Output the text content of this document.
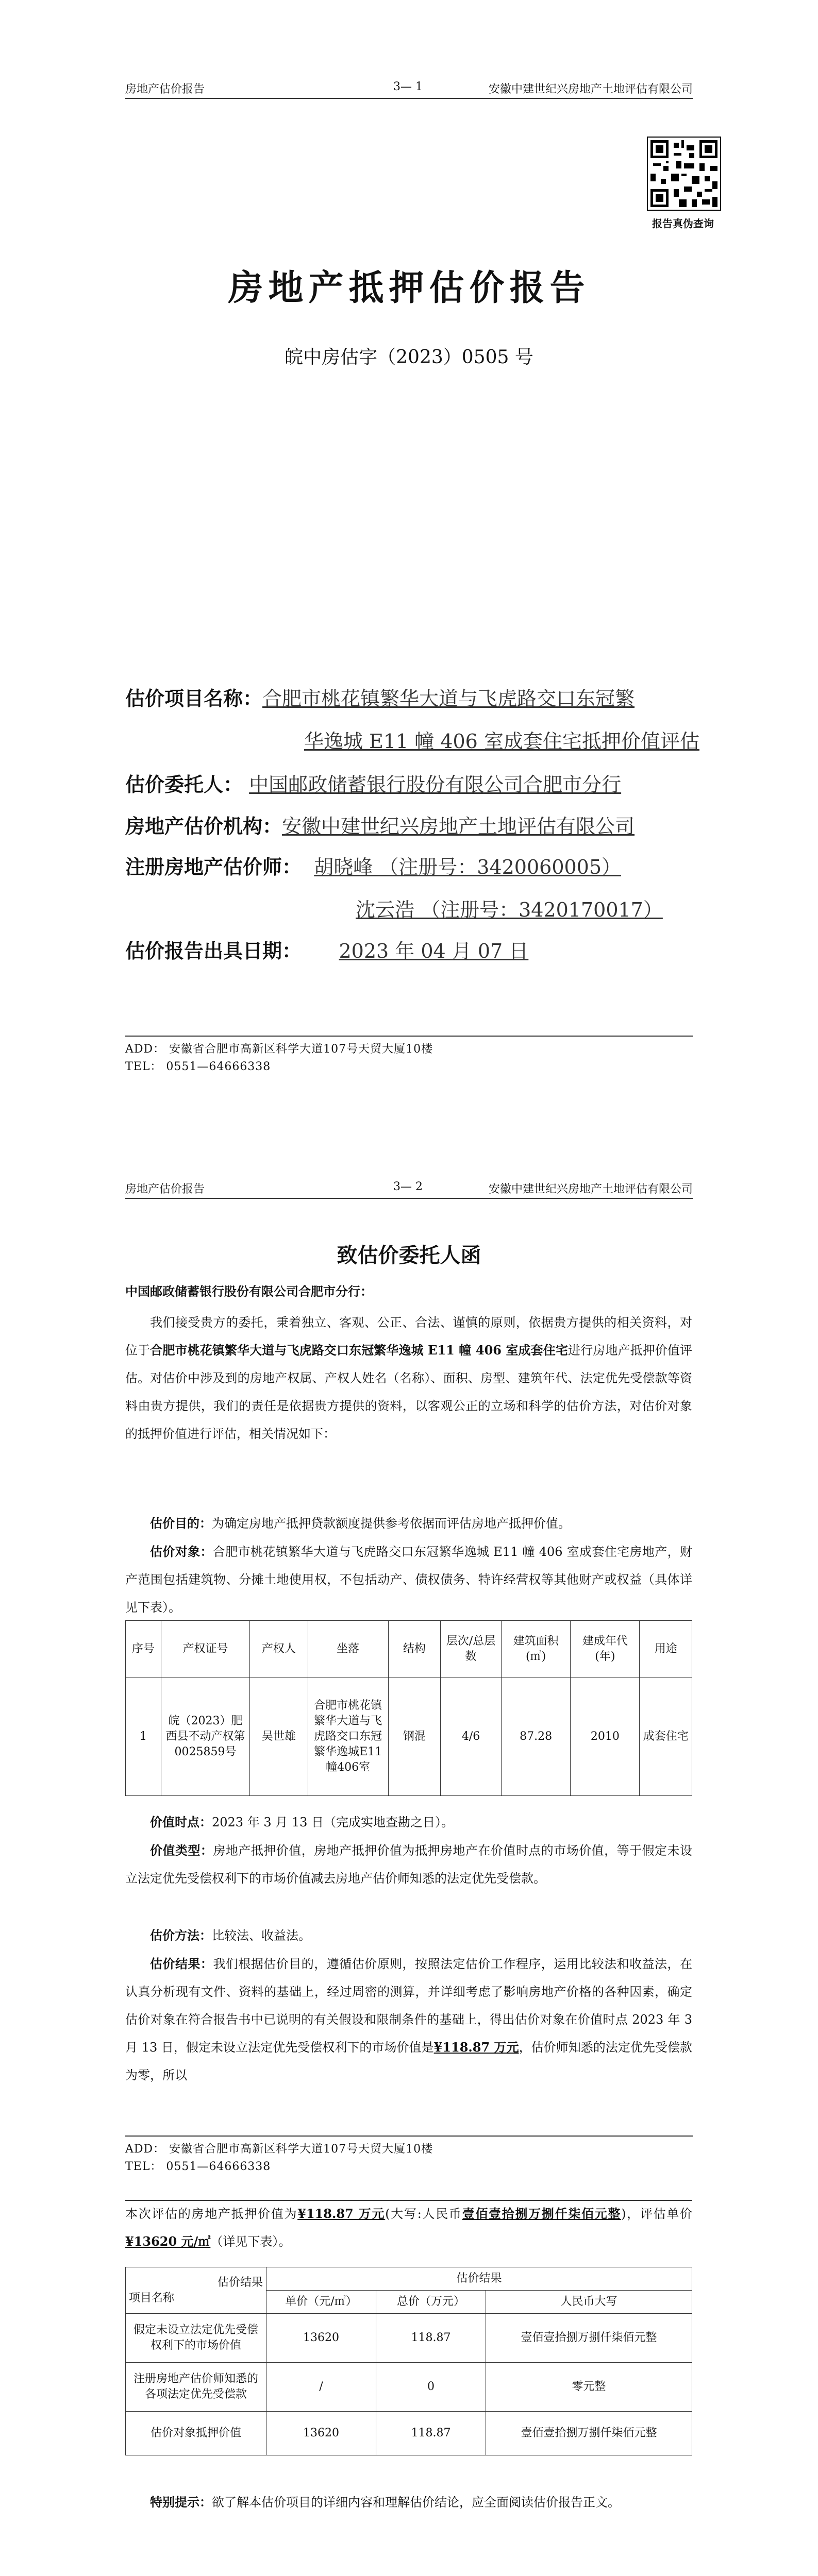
房地产估价报告	3— 1	安徽中建世纪兴房地产土地评估有限公司
报告真伪查询
房地产抵押估价报告
皖中房估字（2023）0505 号
估价项目名称：合肥市桃花镇繁华大道与飞虎路交口东冠繁
华逸城 E11 幢 406 室成套住宅抵押价值评估
估价委托人： 中国邮政储蓄银行股份有限公司合肥市分行
房地产估价机构：安徽中建世纪兴房地产土地评估有限公司
注册房地产估价师： 胡晓峰 （注册号：3420060005）
沈云浩 （注册号：3420170017）
估价报告出具日期： 2023 年 04 月 07 日
ADD： 安徽省合肥市高新区科学大道107号天贸大厦10楼
TEL： 0551—64666338
房地产估价报告	3— 2	安徽中建世纪兴房地产土地评估有限公司
致估价委托人函
中国邮政储蓄银行股份有限公司合肥市分行：
我们接受贵方的委托，秉着独立、客观、公正、合法、谨慎的原则，依据贵方提供的相关资料，对位于合肥市桃花镇繁华大道与飞虎路交口东冠繁华逸城 E11 幢 406 室成套住宅进行房地产抵押价值评估。对估价中涉及到的房地产权属、产权人姓名（名称）、面积、房型、建筑年代、法定优先受偿款等资料由贵方提供，我们的责任是依据贵方提供的资料，以客观公正的立场和科学的估价方法，对估价对象的抵押价值进行评估，相关情况如下：
估价目的：为确定房地产抵押贷款额度提供参考依据而评估房地产抵押价值。
估价对象：合肥市桃花镇繁华大道与飞虎路交口东冠繁华逸城 E11 幢 406 室成套住宅房地产，财产范围包括建筑物、分摊土地使用权，不包括动产、债权债务、特许经营权等其他财产或权益（具体详见下表）。
序号	产权证号	产权人	坐落	结构	层次/总层数	建筑面积(㎡)	建成年代(年)	用途
1	皖（2023）肥西县不动产权第0025859号	吴世雄	合肥市桃花镇繁华大道与飞虎路交口东冠繁华逸城E11幢406室	钢混	4/6	87.28	2010	成套住宅
价值时点：2023 年 3 月 13 日（完成实地查勘之日）。
价值类型：房地产抵押价值，房地产抵押价值为抵押房地产在价值时点的市场价值，等于假定未设立法定优先受偿权利下的市场价值减去房地产估价师知悉的法定优先受偿款。
估价方法：比较法、收益法。
估价结果：我们根据估价目的，遵循估价原则，按照法定估价工作程序，运用比较法和收益法，在认真分析现有文件、资料的基础上，经过周密的测算，并详细考虑了影响房地产价格的各种因素，确定估价对象在符合报告书中已说明的有关假设和限制条件的基础上，得出估价对象在价值时点 2023 年 3 月 13 日，假定未设立法定优先受偿权利下的市场价值是¥118.87 万元，估价师知悉的法定优先受偿款为零，所以
ADD： 安徽省合肥市高新区科学大道107号天贸大厦10楼
TEL： 0551—64666338
本次评估的房地产抵押价值为¥118.87 万元(大写:人民币壹佰壹拾捌万捌仟柒佰元整)，评估单价¥13620 元/㎡（详见下表）。
估价结果
项目名称	估价结果		
	单价（元/㎡）	总价（万元）	人民币大写
假定未设立法定优先受偿权利下的市场价值	13620	118.87	壹佰壹拾捌万捌仟柒佰元整
注册房地产估价师知悉的各项法定优先受偿款	/	0	零元整
估价对象抵押价值	13620	118.87	壹佰壹拾捌万捌仟柒佰元整
特别提示：欲了解本估价项目的详细内容和理解估价结论，应全面阅读估价报告正文。
